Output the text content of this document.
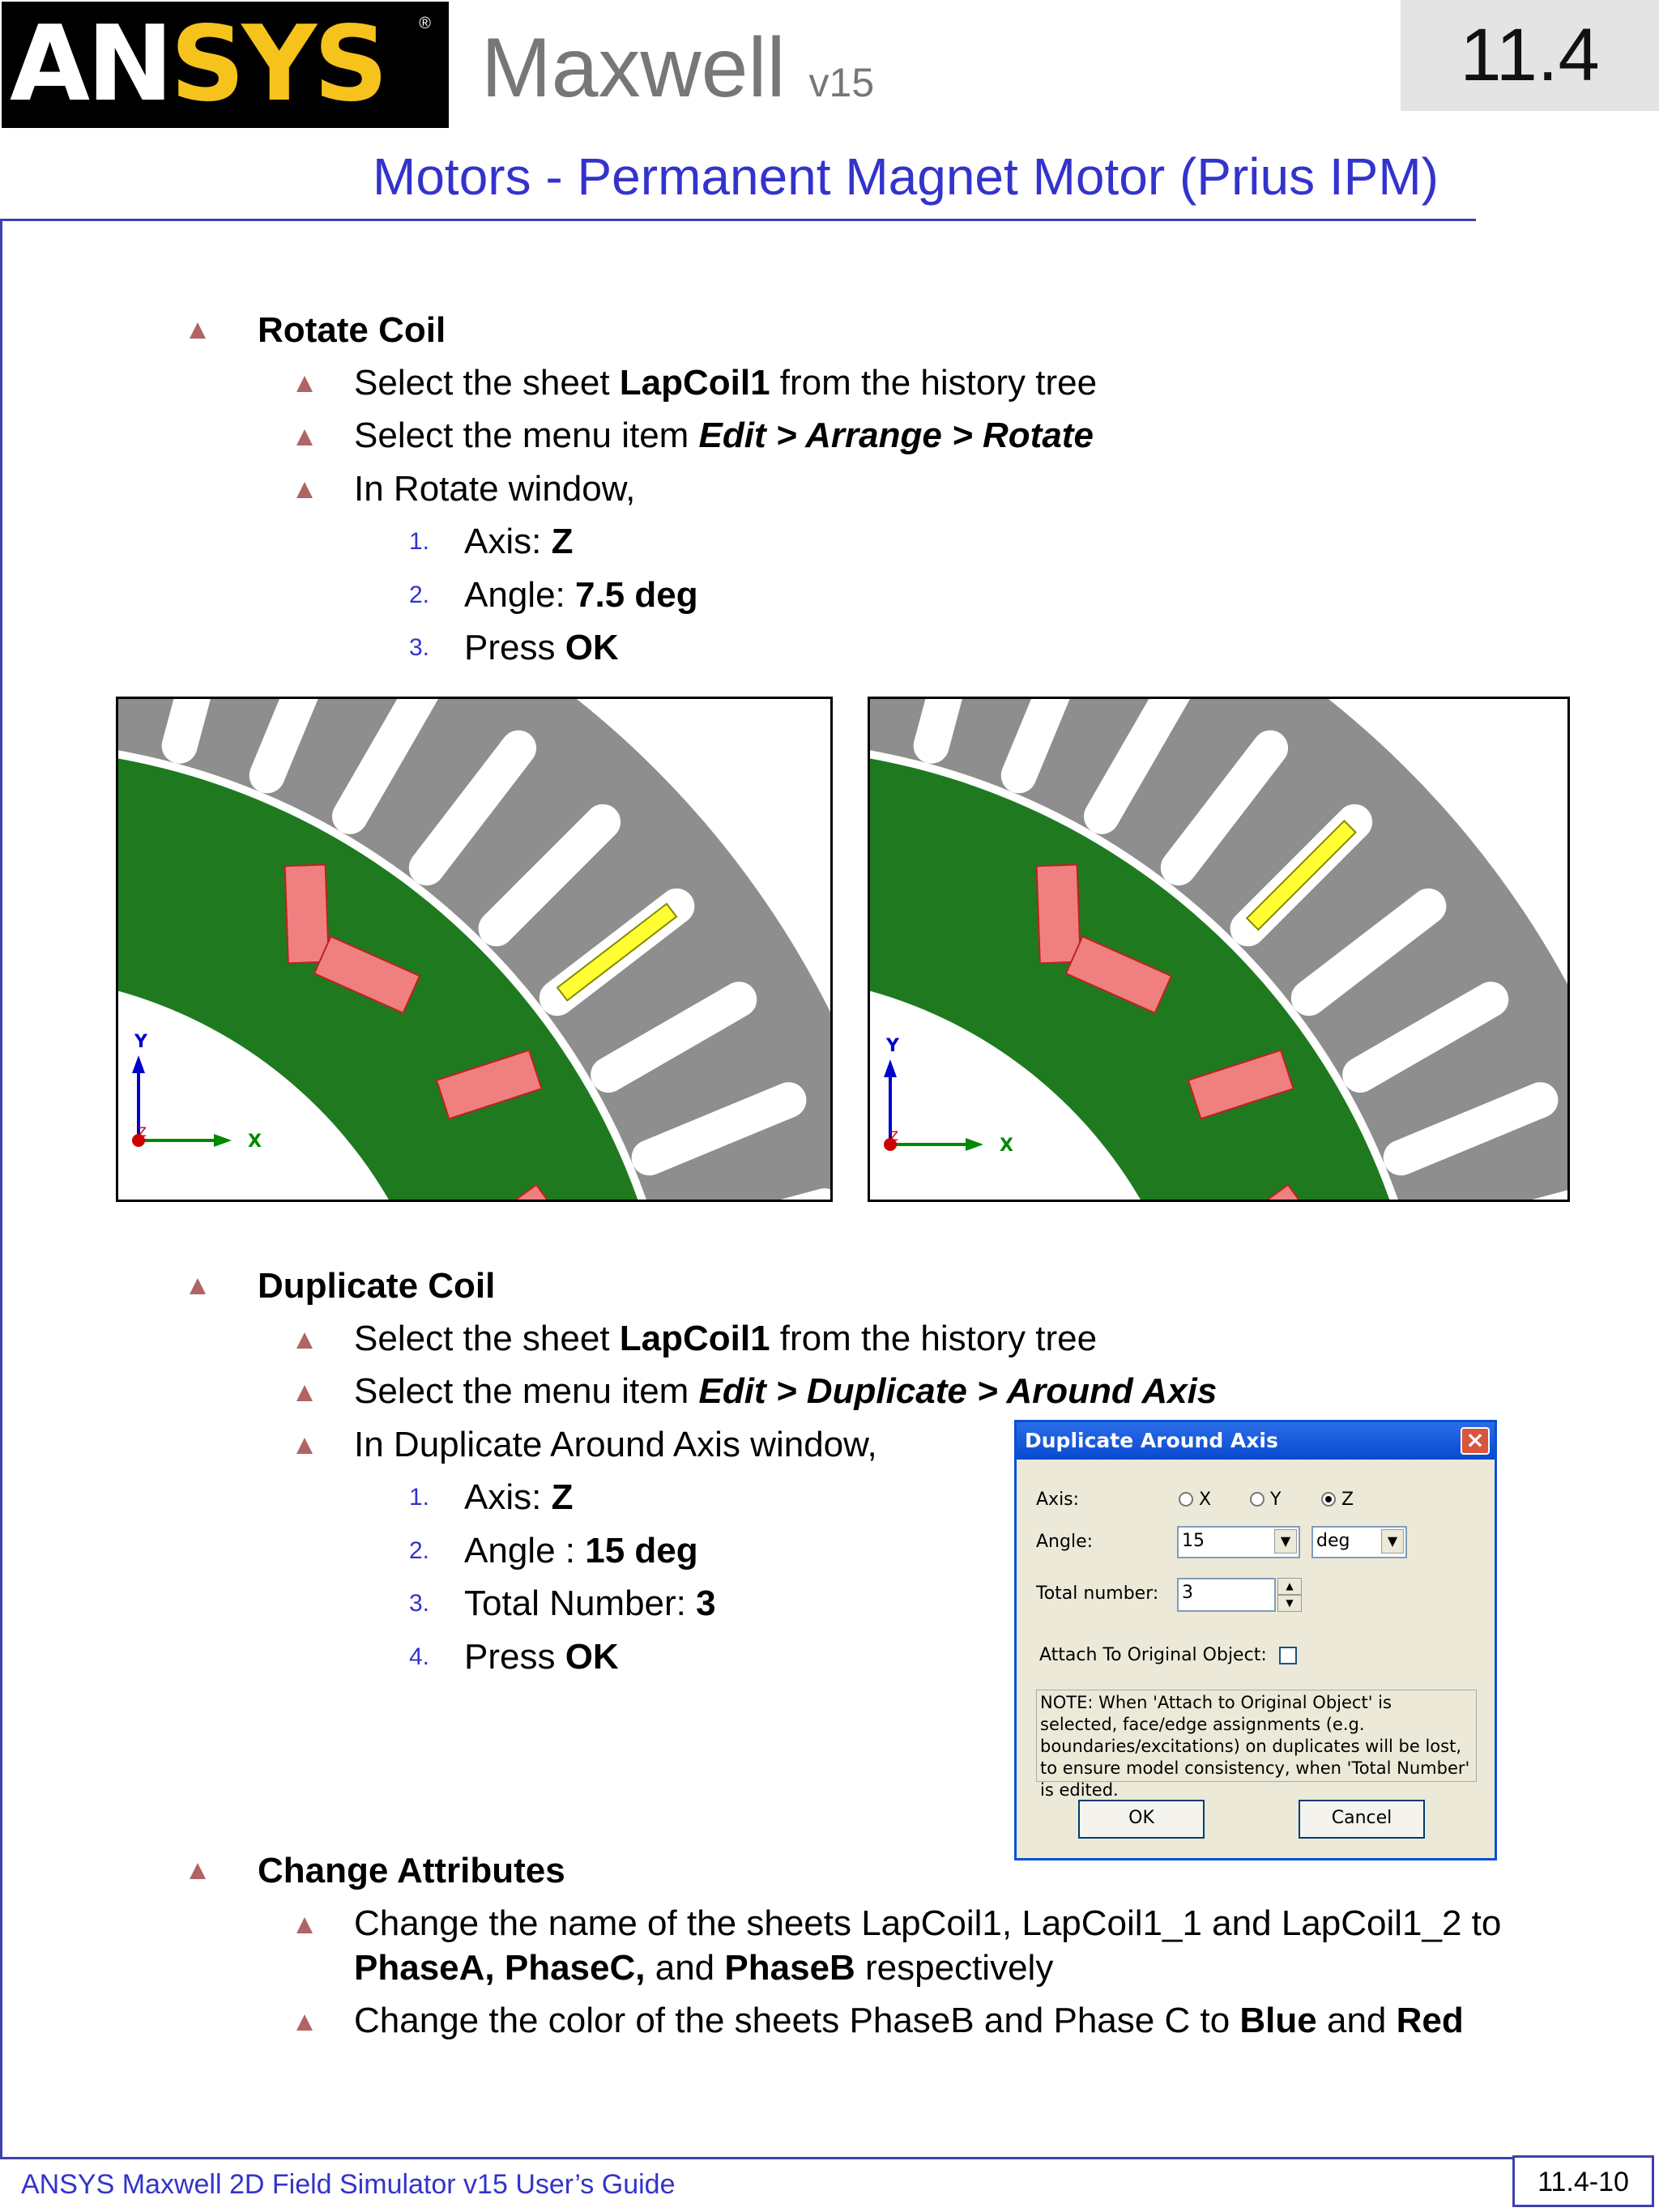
ANSYS ® Maxwell v15	11.4
Motors - Permanent Magnet Motor (Prius IPM)
Rotate Coil
Select the sheet LapCoil1 from the history tree
Select the menu item Edit > Arrange > Rotate
In Rotate window,
1. Axis: Z
2. Angle: 7.5 deg
3. Press OK
Y
X
Z
Y
X
Z
Duplicate Coil
Select the sheet LapCoil1 from the history tree
Select the menu item Edit > Duplicate > Around Axis
In Duplicate Around Axis window,
1. Axis: Z
2. Angle : 15 deg
3. Total Number: 3
4. Press OK
Duplicate Around Axis	×
Axis:	X	Y	Z
Angle:	15	▼	deg	▼
Total number: 3	▲
▼
Attach To Original Object:
NOTE: When 'Attach to Original Object' is selected, face/edge assignments (e.g. boundaries/excitations) on duplicates will be lost, to ensure model consistency, when 'Total Number' is edited.
OK	Cancel
Change Attributes
Change the name of the sheets LapCoil1, LapCoil1_1 and LapCoil1_2 to
PhaseA, PhaseC, and PhaseB respectively
Change the color of the sheets PhaseB and Phase C to Blue and Red
ANSYS Maxwell 2D Field Simulator v15 User’s Guide	11.4-10
